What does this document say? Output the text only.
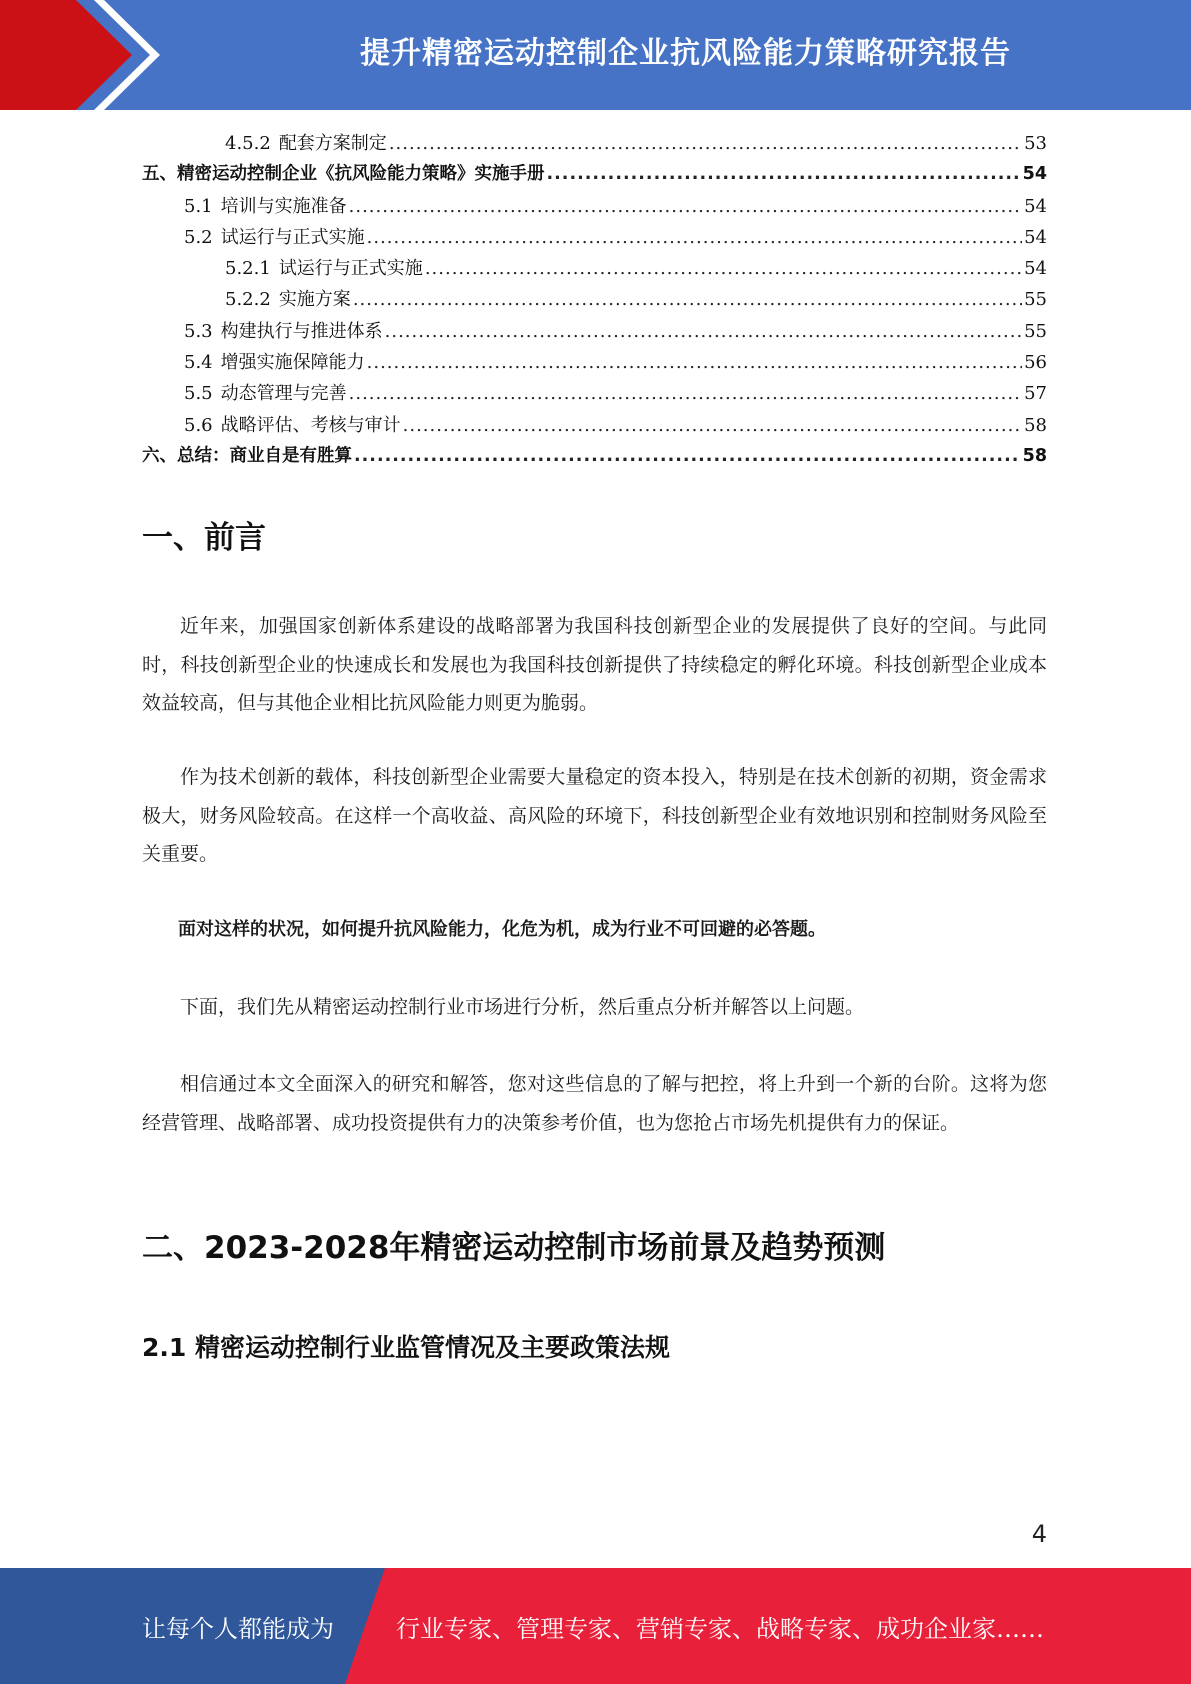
提升精密运动控制企业抗风险能力策略研究报告
4.5.2 配套方案制定 .....	53
五、精密运动控制企业《抗风险能力策略》实施手册 .....	54
5.1 培训与实施准备 .....	54
5.2 试运行与正式实施 .....	54
5.2.1 试运行与正式实施 .....	54
5.2.2 实施方案 .....	55
5.3 构建执行与推进体系 .....	55
5.4 增强实施保障能力 .....	56
5.5 动态管理与完善 .....	57
5.6 战略评估、考核与审计 .....	58
六、总结：商业自是有胜算 .....	58
一、前言
近年来，加强国家创新体系建设的战略部署为我国科技创新型企业的发展提供了良好的空间。与此同时，科技创新型企业的快速成长和发展也为我国科技创新提供了持续稳定的孵化环境。科技创新型企业成本效益较高，但与其他企业相比抗风险能力则更为脆弱。
作为技术创新的载体，科技创新型企业需要大量稳定的资本投入，特别是在技术创新的初期，资金需求极大，财务风险较高。在这样一个高收益、高风险的环境下，科技创新型企业有效地识别和控制财务风险至关重要。
面对这样的状况，如何提升抗风险能力，化危为机，成为行业不可回避的必答题。
下面，我们先从精密运动控制行业市场进行分析，然后重点分析并解答以上问题。
相信通过本文全面深入的研究和解答，您对这些信息的了解与把控，将上升到一个新的台阶。这将为您经营管理、战略部署、成功投资提供有力的决策参考价值，也为您抢占市场先机提供有力的保证。
二、2023-2028年精密运动控制市场前景及趋势预测
2.1 精密运动控制行业监管情况及主要政策法规
4
让每个人都能成为	行业专家、管理专家、营销专家、战略专家、成功企业家……
